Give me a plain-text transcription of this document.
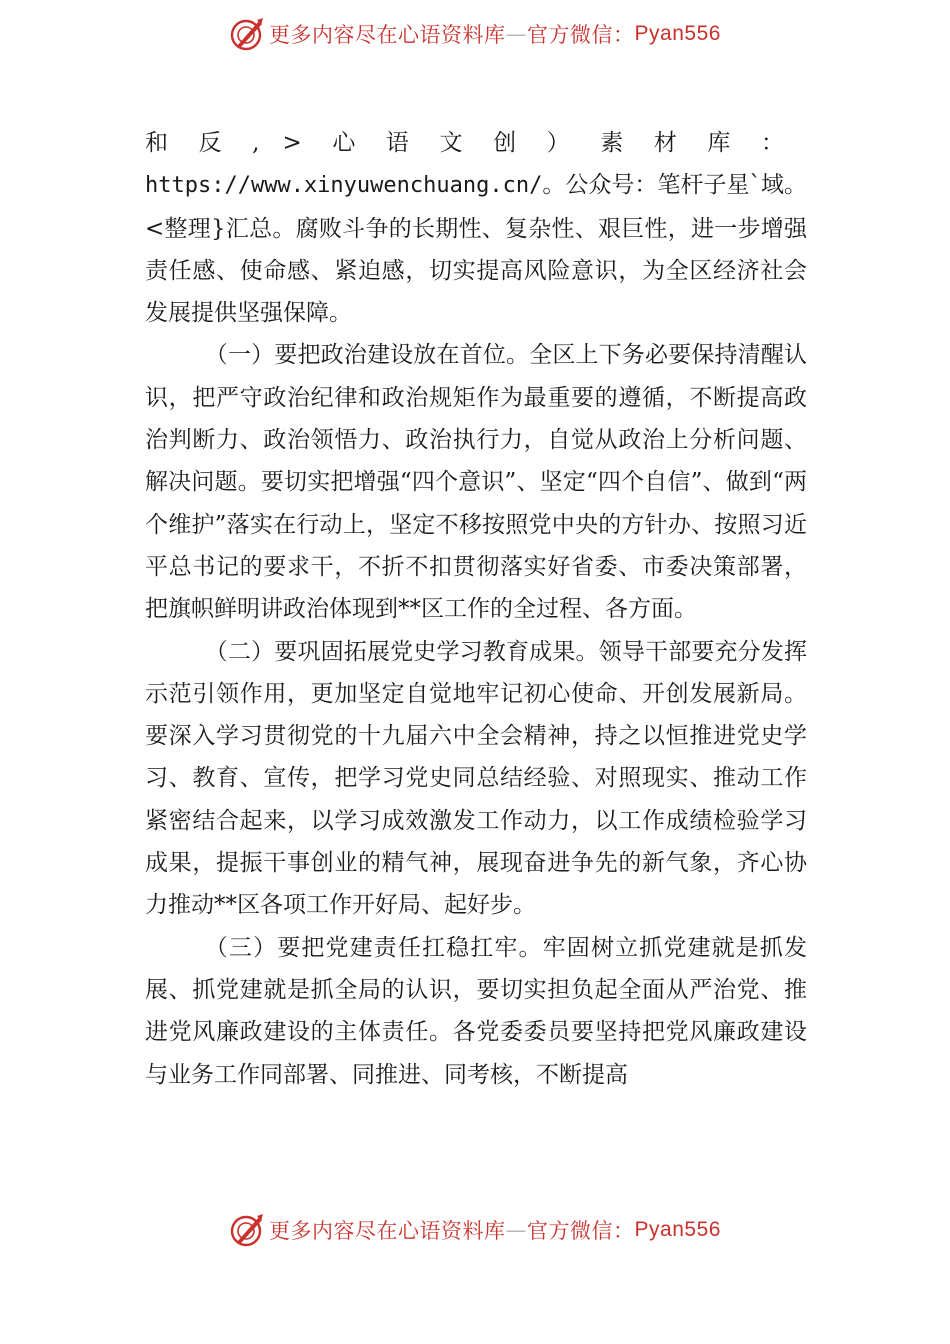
更多内容尽在心语资料库 — 官方微信： Pyan556

和反,>心语文创）素材库：https://www.xinyuwenchuang.cn/。公众号：笔杆子星`域。<整理}汇总。腐败斗争的长期性、复杂性、艰巨性，进一步增强责任感、使命感、紧迫感，切实提高风险意识，为全区经济社会发展提供坚强保障。

（一）要把政治建设放在首位。全区上下务必要保持清醒认识，把严守政治纪律和政治规矩作为最重要的遵循，不断提高政治判断力、政治领悟力、政治执行力，自觉从政治上分析问题、解决问题。要切实把增强“四个意识”、坚定“四个自信”、做到“两个维护”落实在行动上，坚定不移按照党中央的方针办、按照习近平总书记的要求干，不折不扣贯彻落实好省委、市委决策部署，把旗帜鲜明讲政治体现到**区工作的全过程、各方面。

（二）要巩固拓展党史学习教育成果。领导干部要充分发挥示范引领作用，更加坚定自觉地牢记初心使命、开创发展新局。要深入学习贯彻党的十九届六中全会精神，持之以恒推进党史学习、教育、宣传，把学习党史同总结经验、对照现实、推动工作紧密结合起来，以学习成效激发工作动力，以工作成绩检验学习成果，提振干事创业的精气神，展现奋进争先的新气象，齐心协力推动**区各项工作开好局、起好步。

（三）要把党建责任扛稳扛牢。牢固树立抓党建就是抓发展、抓党建就是抓全局的认识，要切实担负起全面从严治党、推进党风廉政建设的主体责任。各党委委员要坚持把党风廉政建设与业务工作同部署、同推进、同考核，不断提高

更多内容尽在心语资料库 — 官方微信： Pyan556
